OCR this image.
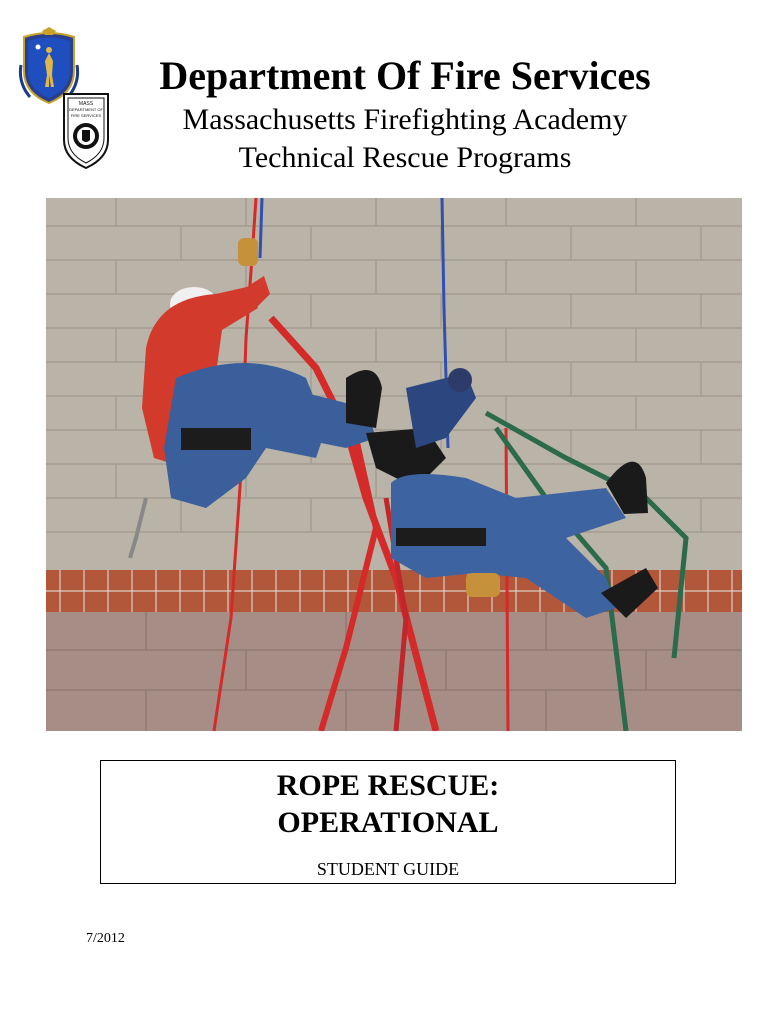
MASS
DEPARTMENT OF
FIRE SERVICES
Department Of Fire Services
Massachusetts Firefighting Academy
Technical Rescue Programs
ROPE RESCUE:
OPERATIONAL
STUDENT GUIDE
7/2012
